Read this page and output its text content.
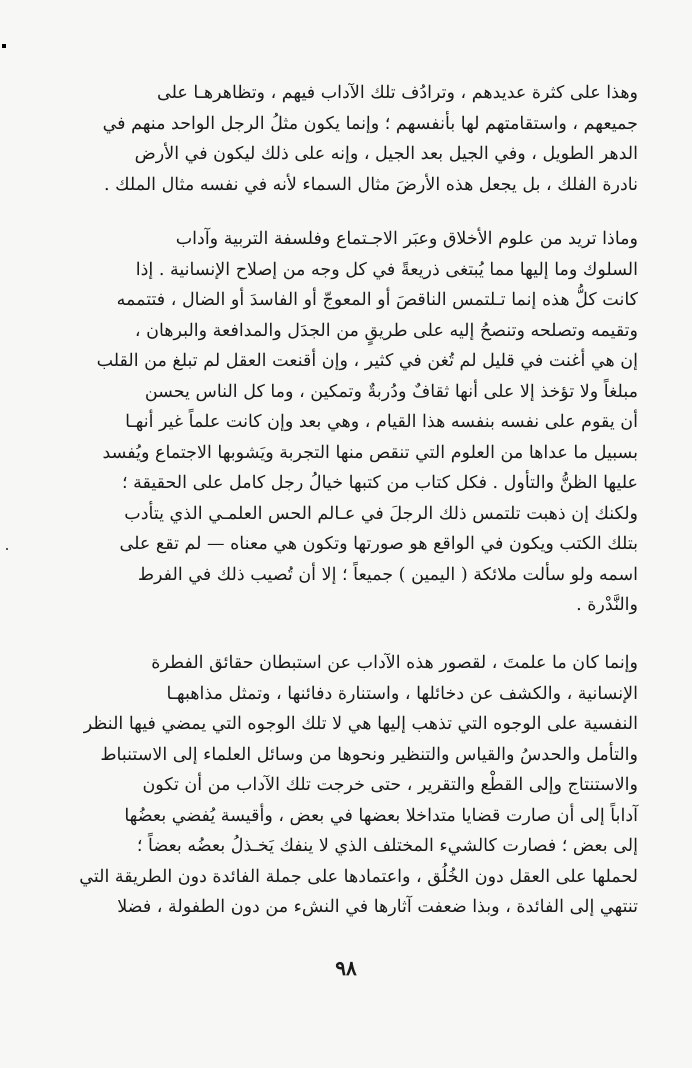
وهذا على كثرة عديدهم ، وترادُف تلك الآداب فيهم ، وتظاهرهـا على
جميعهم ، واستقامتهم لها بأنفسهم ؛ وإنما يكون مثلُ الرجل الواحد منهم في
الدهر الطويل ، وفي الجيل بعد الجيل ، وإنه على ذلك ليكون في الأرض
نادرة الفلك ، بل يجعل هذه الأرضَ مثال السماء لأنه في نفسه مثال الملك .
وماذا تريد من علوم الأخلاق وعبَر الاجـتماع وفلسفة التربية وآداب
السلوك وما إليها مما يُبتغى ذريعةً في كل وجه من إصلاح الإنسانية . إذا
كانت كلُّ هذه إنما تـلتمس الناقصَ أو المعوجّ أو الفاسدَ أو الضال ، فتتممه
وتقيمه وتصلحه وتنصحُ إليه على طريقٍ من الجدَل والمدافعة والبرهان ،
إن هي أغنت في قليل لم تُغن في كثير ، وإن أقنعت العقل لم تبلغ من القلب
مبلغاً ولا تؤخذ إلا على أنها ثقافٌ ودُربةٌ وتمكين ، وما كل الناس يحسن
أن يقوم على نفسه بنفسه هذا القيام ، وهي بعد وإن كانت علماً غير أنهـا
بسبيل ما عداها من العلوم التي تنقص منها التجربة ويَشوبها الاجتماع ويُفسد
عليها الظنُّ والتأول . فكل كتاب من كتبها خيالُ رجل كامل على الحقيقة ؛
ولكنك إن ذهبت تلتمس ذلك الرجلَ في عـالم الحس العلمـي الذي يتأدب
بتلك الكتب ويكون في الواقع هو صورتها وتكون هي معناه — لم تقع على
اسمه ولو سألت ملائكة ( اليمين ) جميعاً ؛ إلا أن تُصيب ذلك في الفرط
والنَّدْرة .
وإنما كان ما علمتَ ، لقصور هذه الآداب عن استبطان حقائق الفطرة
الإنسانية ، والكشف عن دخائلها ، واستنارة دفائنها ، وتمثل مذاهبهـا
النفسية على الوجوه التي تذهب إليها هي لا تلك الوجوه التي يمضي فيها النظر
والتأمل والحدسُ والقياس والتنظير ونحوها من وسائل العلماء إلى الاستنباط
والاستنتاج وإلى القطْع والتقرير ، حتى خرجت تلك الآداب من أن تكون
آداباً إلى أن صارت قضايا متداخلا بعضها في بعض ، وأقيسة يُفضي بعضُها
إلى بعض ؛ فصارت كالشيء المختلف الذي لا ينفك يَخـذلُ بعضُه بعضاً ؛
لحملها على العقل دون الخُلُق ، واعتمادها على جملة الفائدة دون الطريقة التي
تنتهي إلى الفائدة ، وبذا ضعفت آثارها في النشء من دون الطفولة ، فضلا
٩٨
